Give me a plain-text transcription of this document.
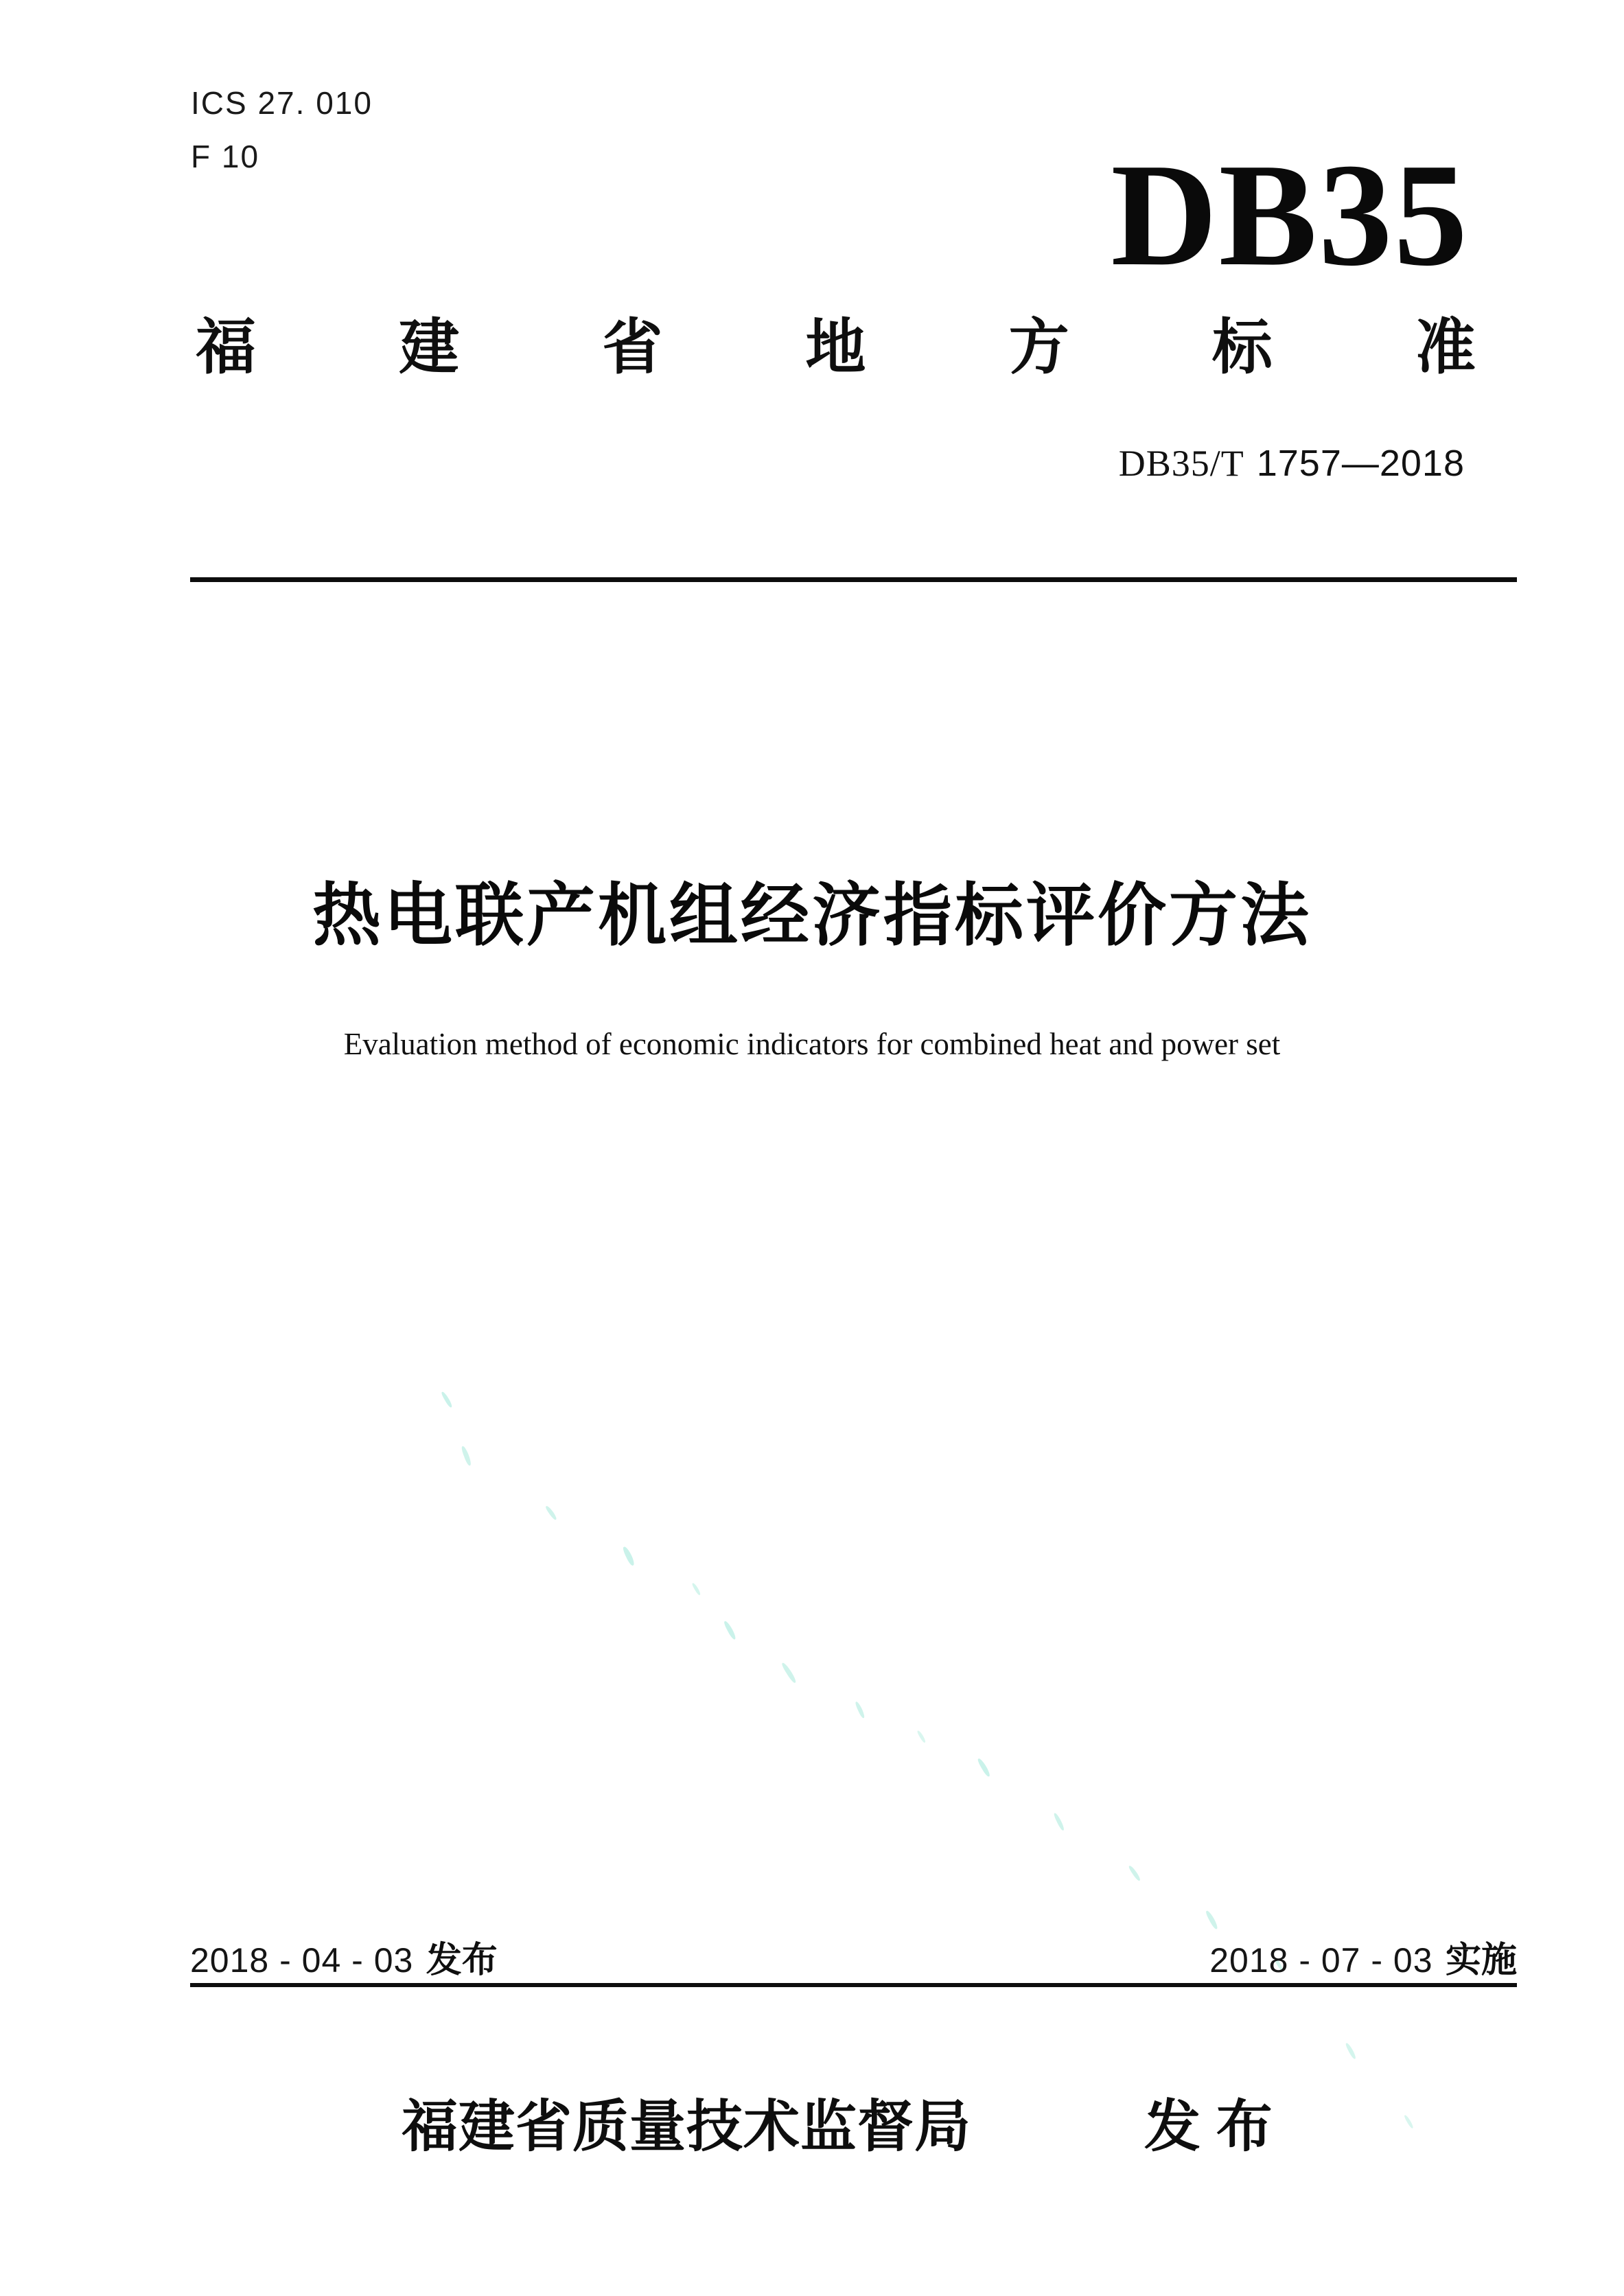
ICS 27. 010
F 10	DB35
福 建 省 地 方 标 准
DB35/T 1757—2018
热电联产机组经济指标评价方法
Evaluation method of economic indicators for combined heat and power set
2018 - 04 - 03 发布	2018 - 07 - 03 实施
福建省质量技术监督局	发 布
